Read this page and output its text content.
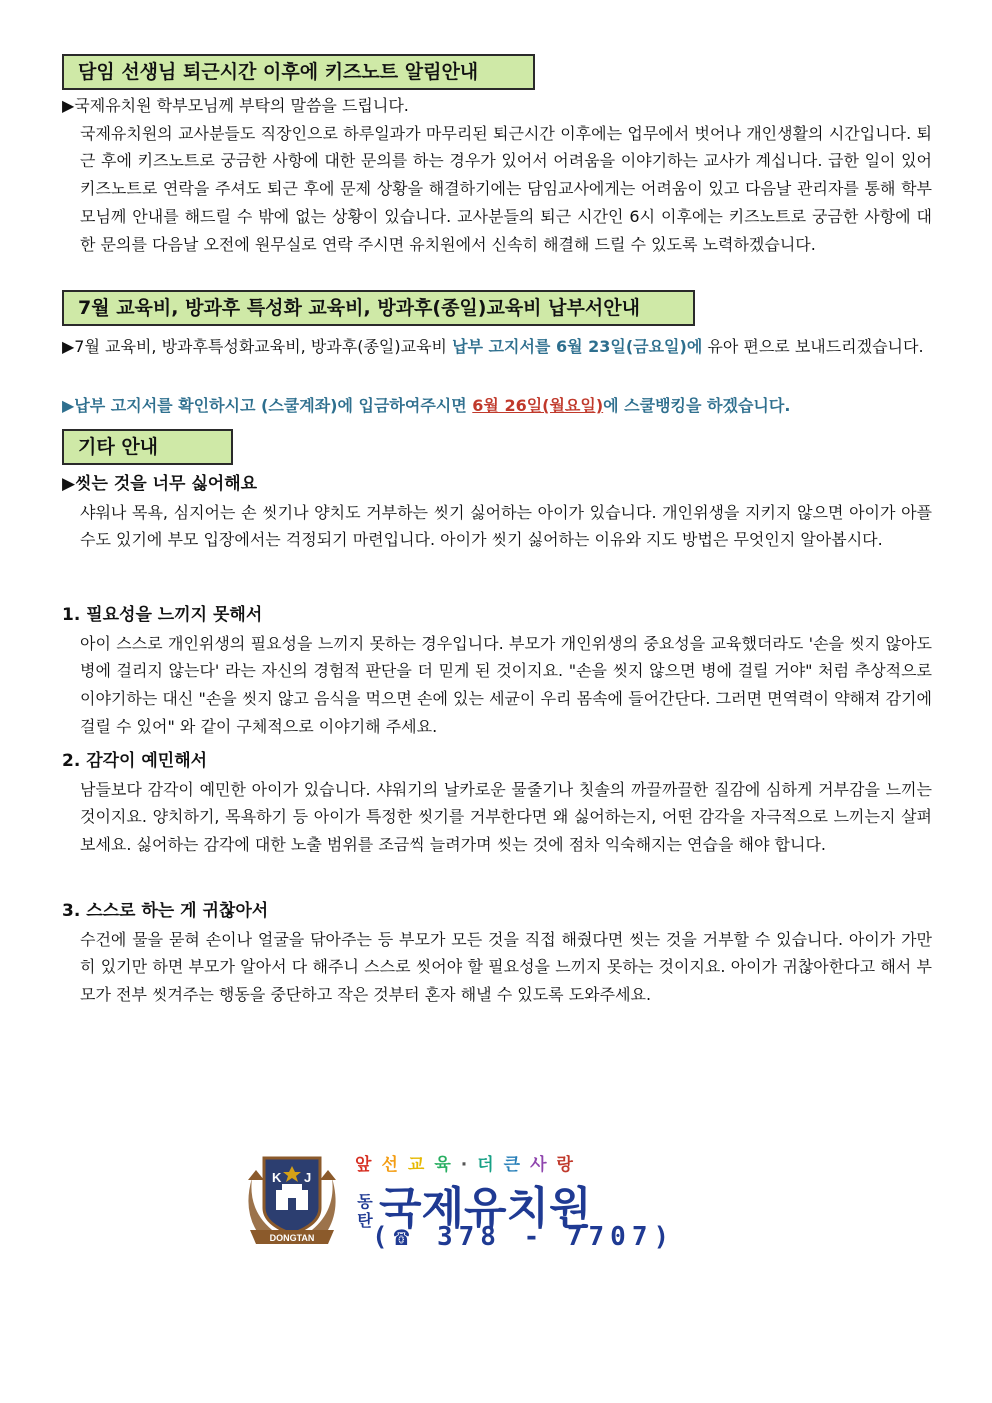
담임 선생님 퇴근시간 이후에 키즈노트 알림안내
▶국제유치원 학부모님께 부탁의 말씀을 드립니다.
국제유치원의 교사분들도 직장인으로 하루일과가 마무리된 퇴근시간 이후에는 업무에서 벗어나 개인생활의 시간입니다. 퇴근 후에 키즈노트로 궁금한 사항에 대한 문의를 하는 경우가 있어서 어려움을 이야기하는 교사가 계십니다. 급한 일이 있어 키즈노트로 연락을 주셔도 퇴근 후에 문제 상황을 해결하기에는 담임교사에게는 어려움이 있고 다음날 관리자를 통해 학부모님께 안내를 해드릴 수 밖에 없는 상황이 있습니다. 교사분들의 퇴근 시간인 6시 이후에는 키즈노트로 궁금한 사항에 대한 문의를 다음날 오전에 원무실로 연락 주시면 유치원에서 신속히 해결해 드릴 수 있도록 노력하겠습니다.
7월 교육비, 방과후 특성화 교육비, 방과후(종일)교육비 납부서안내
▶7월 교육비, 방과후특성화교육비, 방과후(종일)교육비 납부 고지서를 6월 23일(금요일)에 유아 편으로 보내드리겠습니다.
▶납부 고지서를 확인하시고 (스쿨계좌)에 입금하여주시면 6월 26일(월요일)에 스쿨뱅킹을 하겠습니다.
기타 안내
▶씻는 것을 너무 싫어해요
샤워나 목욕, 심지어는 손 씻기나 양치도 거부하는 씻기 싫어하는 아이가 있습니다. 개인위생을 지키지 않으면 아이가 아플 수도 있기에 부모 입장에서는 걱정되기 마련입니다. 아이가 씻기 싫어하는 이유와 지도 방법은 무엇인지 알아봅시다.
1. 필요성을 느끼지 못해서
아이 스스로 개인위생의 필요성을 느끼지 못하는 경우입니다. 부모가 개인위생의 중요성을 교육했더라도 '손을 씻지 않아도 병에 걸리지 않는다' 라는 자신의 경험적 판단을 더 믿게 된 것이지요. "손을 씻지 않으면 병에 걸릴 거야" 처럼 추상적으로 이야기하는 대신 "손을 씻지 않고 음식을 먹으면 손에 있는 세균이 우리 몸속에 들어간단다. 그러면 면역력이 약해져 감기에 걸릴 수 있어" 와 같이 구체적으로 이야기해 주세요.
2. 감각이 예민해서
남들보다 감각이 예민한 아이가 있습니다. 샤워기의 날카로운 물줄기나 칫솔의 까끌까끌한 질감에 심하게 거부감을 느끼는 것이지요. 양치하기, 목욕하기 등 아이가 특정한 씻기를 거부한다면 왜 싫어하는지, 어떤 감각을 자극적으로 느끼는지 살펴보세요. 싫어하는 감각에 대한 노출 범위를 조금씩 늘려가며 씻는 것에 점차 익숙해지는 연습을 해야 합니다.
3. 스스로 하는 게 귀찮아서
수건에 물을 묻혀 손이나 얼굴을 닦아주는 등 부모가 모든 것을 직접 해줬다면 씻는 것을 거부할 수 있습니다. 아이가 가만히 있기만 하면 부모가 알아서 다 해주니 스스로 씻어야 할 필요성을 느끼지 못하는 것이지요. 아이가 귀찮아한다고 해서 부모가 전부 씻겨주는 행동을 중단하고 작은 것부터 혼자 해낼 수 있도록 도와주세요.
K J
DONGTAN
앞선교육·더큰사랑
동
탄 국제유치원
(☎ 378 - 7707)
